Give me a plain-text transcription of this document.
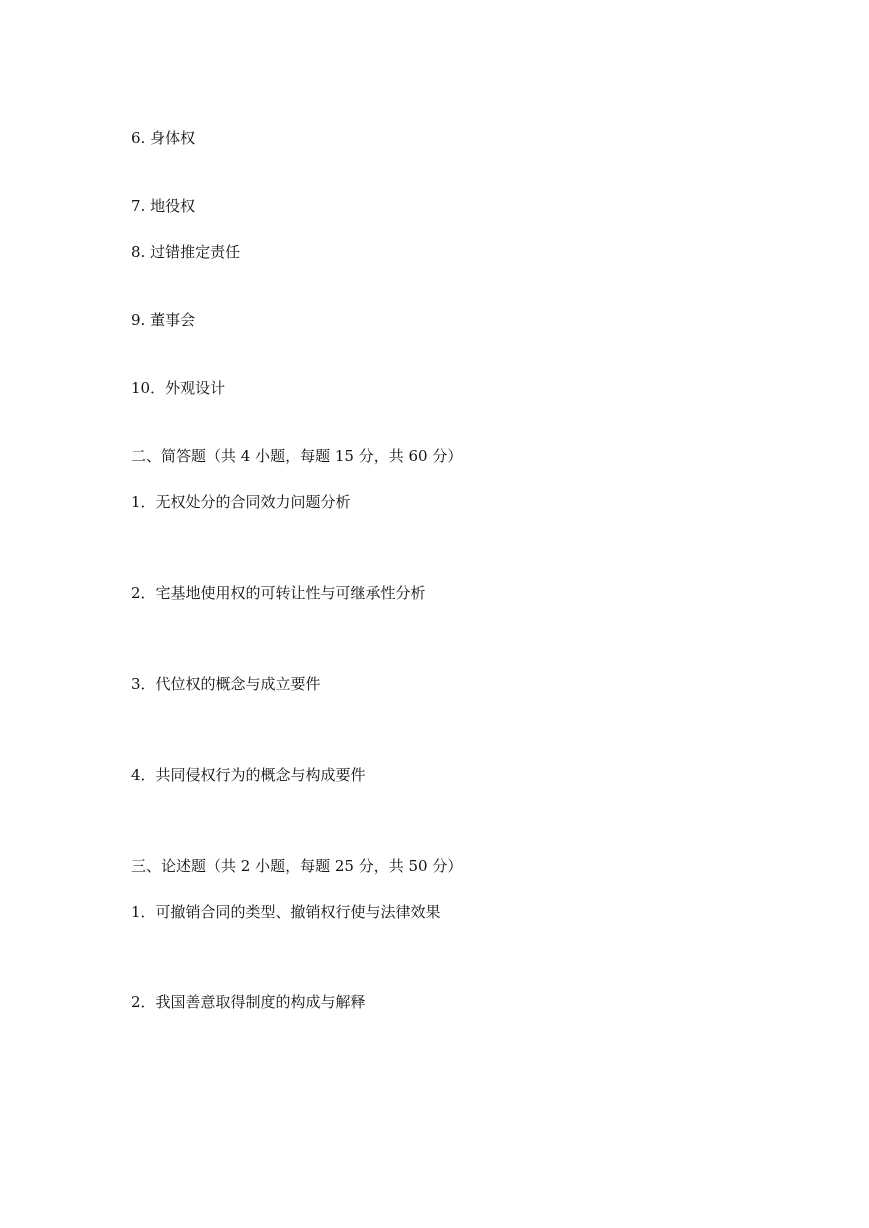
6. 身体权
7. 地役权
8. 过错推定责任
9. 董事会
10．外观设计
二、简答题（共 4 小题，每题 15 分，共 60 分）
1．无权处分的合同效力问题分析
2．宅基地使用权的可转让性与可继承性分析
3．代位权的概念与成立要件
4．共同侵权行为的概念与构成要件
三、论述题（共 2 小题，每题 25 分，共 50 分）
1．可撤销合同的类型、撤销权行使与法律效果
2．我国善意取得制度的构成与解释
